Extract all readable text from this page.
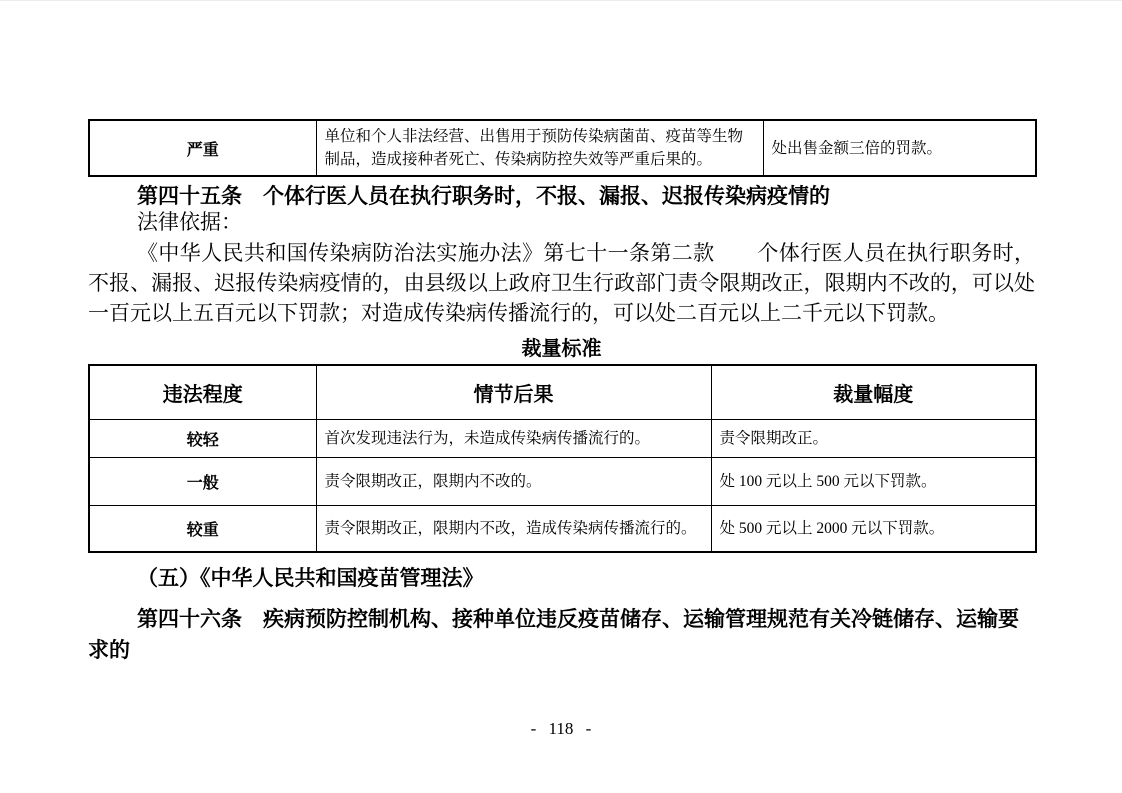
严重	单位和个人非法经营、出售用于预防传染病菌苗、疫苗等生物制品，造成接种者死亡、传染病防控失效等严重后果的。	处出售金额三倍的罚款。
第四十五条　个体行医人员在执行职务时，不报、漏报、迟报传染病疫情的
法律依据：
《中华人民共和国传染病防治法实施办法》第七十一条第二款　　个体行医人员在执行职务时，不报、漏报、迟报传染病疫情的，由县级以上政府卫生行政部门责令限期改正，限期内不改的，可以处一百元以上五百元以下罚款；对造成传染病传播流行的，可以处二百元以上二千元以下罚款。
裁量标准
违法程度	情节后果	裁量幅度
较轻	首次发现违法行为，未造成传染病传播流行的。	责令限期改正。
一般	责令限期改正，限期内不改的。	处 100 元以上 500 元以下罚款。
较重	责令限期改正，限期内不改，造成传染病传播流行的。	处 500 元以上 2000 元以下罚款。
（五）《中华人民共和国疫苗管理法》
第四十六条　疾病预防控制机构、接种单位违反疫苗储存、运输管理规范有关冷链储存、运输要求的
- 118 -
